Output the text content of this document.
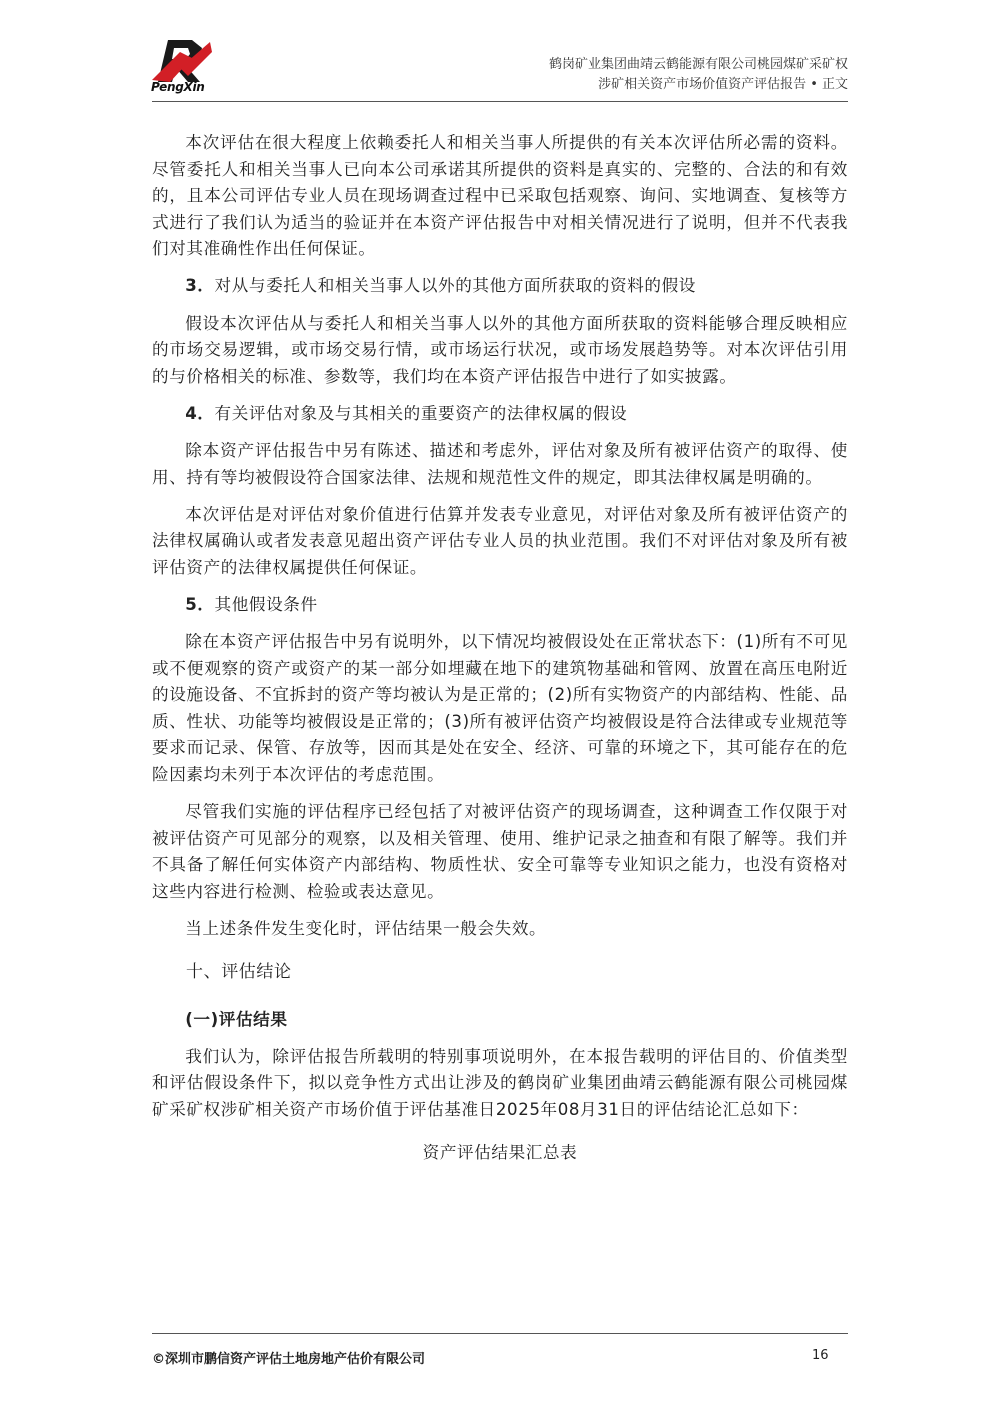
PengXin
鹤岗矿业集团曲靖云鹤能源有限公司桃园煤矿采矿权
涉矿相关资产市场价值资产评估报告 • 正文

本次评估在很大程度上依赖委托人和相关当事人所提供的有关本次评估所必需的资料。尽管委托人和相关当事人已向本公司承诺其所提供的资料是真实的、完整的、合法的和有效的，且本公司评估专业人员在现场调查过程中已采取包括观察、询问、实地调查、复核等方式进行了我们认为适当的验证并在本资产评估报告中对相关情况进行了说明，但并不代表我们对其准确性作出任何保证。

3．对从与委托人和相关当事人以外的其他方面所获取的资料的假设

假设本次评估从与委托人和相关当事人以外的其他方面所获取的资料能够合理反映相应的市场交易逻辑，或市场交易行情，或市场运行状况，或市场发展趋势等。对本次评估引用的与价格相关的标准、参数等，我们均在本资产评估报告中进行了如实披露。

4．有关评估对象及与其相关的重要资产的法律权属的假设

除本资产评估报告中另有陈述、描述和考虑外，评估对象及所有被评估资产的取得、使用、持有等均被假设符合国家法律、法规和规范性文件的规定，即其法律权属是明确的。

本次评估是对评估对象价值进行估算并发表专业意见，对评估对象及所有被评估资产的法律权属确认或者发表意见超出资产评估专业人员的执业范围。我们不对评估对象及所有被评估资产的法律权属提供任何保证。

5．其他假设条件

除在本资产评估报告中另有说明外，以下情况均被假设处在正常状态下：(1)所有不可见或不便观察的资产或资产的某一部分如埋藏在地下的建筑物基础和管网、放置在高压电附近的设施设备、不宜拆封的资产等均被认为是正常的；(2)所有实物资产的内部结构、性能、品质、性状、功能等均被假设是正常的；(3)所有被评估资产均被假设是符合法律或专业规范等要求而记录、保管、存放等，因而其是处在安全、经济、可靠的环境之下，其可能存在的危险因素均未列于本次评估的考虑范围。

尽管我们实施的评估程序已经包括了对被评估资产的现场调查，这种调查工作仅限于对被评估资产可见部分的观察，以及相关管理、使用、维护记录之抽查和有限了解等。我们并不具备了解任何实体资产内部结构、物质性状、安全可靠等专业知识之能力，也没有资格对这些内容进行检测、检验或表达意见。

当上述条件发生变化时，评估结果一般会失效。

十、评估结论

(一)评估结果

我们认为，除评估报告所载明的特别事项说明外，在本报告载明的评估目的、价值类型和评估假设条件下，拟以竞争性方式出让涉及的鹤岗矿业集团曲靖云鹤能源有限公司桃园煤矿采矿权涉矿相关资产市场价值于评估基准日2025年08月31日的评估结论汇总如下：

资产评估结果汇总表

©深圳市鹏信资产评估土地房地产估价有限公司	16
